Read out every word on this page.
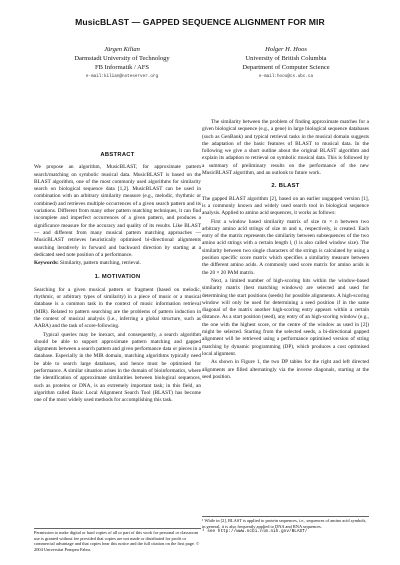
MusicBLAST — GAPPED SEQUENCE ALIGNMENT FOR MIR
Jürgen Kilian
Darmstadt University of Technology
FB Informatik / AFS
e-mail:kilian@noteserver.org
Holger H. Hoos
University of British Columbia
Department of Computer Science
e-mail:hoos@cs.ubc.ca
ABSTRACT

We propose an algorithm, MusicBLAST, for approximate pattern search/matching on symbolic musical data. MusicBLAST is based on the BLAST algorithm, one of the most commonly used algorithms for similarity search on biological sequence data [1,2]. MusicBLAST can be used in combination with an arbitrary similarity measure (e.g., melodic, rhythmic or combined) and retrieves multiple occurrences of a given search pattern and its variations. Different from many other pattern matching techniques, it can find incomplete and imperfect occurrences of a given pattern, and produces a significance measure for the accuracy and quality of its results. Like BLAST — and different from many musical pattern matching approaches — MusicBLAST retrieves heuristically optimised bi-directional alignments searching iteratively in forward and backward direction by starting at a dedicated seed note position of a performance.

Keywords: Similarity, pattern matching, retrieval.

1. MOTIVATION

Searching for a given musical pattern or fragment (based on melodic, rhythmic, or arbitrary types of similarity) in a piece of music or a musical database is a common task in the context of music information retrieval (MIR). Related to pattern searching are the problems of pattern induction in the context of musical analysis (i.e., inferring a global structure, such as AABA) and the task of score-following.

Typical queries may be inexact, and consequently, a search algorithm should be able to support approximate pattern matching and gapped alignments between a search pattern and given performance data or pieces in a database. Especially in the MIR domain, matching algorithms typically need be able to search large databases, and hence must be optimised for performance. A similar situation arises in the domain of bioinformatics, where the identification of approximate similarities between biological sequences, such as proteins or DNA, is an extremely important task; in this field, an algorithm called Basic Local Alignment Search Tool (BLAST) has become one of the most widely used methods for accomplishing this task.

The similarity between the problem of finding approximate matches for a given biological sequence (e.g., a gene) in large biological sequence databases (such as GenBank) and typical retrieval tasks in the musical domain suggests the adaptation of the basic features of BLAST to musical data. In the following we give a short outline about the original BLAST algorithm and explain its adaption to retrieval on symbolic musical data. This is followed by a summary of preliminary results on the performance of the new MusicBLAST algorithm, and an outlook to future work.

2. BLAST

The gapped BLAST algorithm [2], based on an earlier ungapped version [1], is a commonly known and widely used search tool in biological sequence analysis. Applied to amino acid sequences, it works as follows:

First a window based similarity matrix of size m × n between two arbitrary amino acid strings of size m and n, respectively, is created. Each entry of the matrix represents the similarity between subsequences of the two amino acid strings with a certain length l, (l is also called window size). The similarity between two single characters of the strings is calculated by using a position specific score matrix which specifies a similarity measure between the different amino acids. A commonly used score matrix for amino acids is the 20 × 20 PAM matrix.

Next, a limited number of high-scoring hits within the window-based similarity matrix (best matching windows) are selected and used for determining the start positions (seeds) for possible alignments. A high-scoring window will only be used for determining a seed position if in the same diagonal of the matrix another high-scoring entry appears within a certain distance. As a start position (seed), any entry of an high-scoring window (e.g., the one with the highest score, or the centre of the window as used in [2]) might be selected. Starting from the selected seeds, a bi-directional gapped alignment will be retrieved using a performance optimised version of string matching by dynamic programming (DP), which produces a cost optimised local alignment.

As shown in Figure 1, the two DP tables for the right and left directed alignments are filled alternatingly via the inverse diagonals, starting at the seed position.

Permission to make digital or hard copies of all or part of this work for personal or classroom use is granted without fee provided that copies are not made or distributed for profit or commercial advantage and that copies bear this notice and the full citation on the first page. © 2004 Universitat Pompeu Fabra.
¹ While in [2], BLAST is applied to protein sequences, i.e., sequences of amino acid symbols, in general, it is also frequently applied to DNA and RNA sequences.
² see http://www.ncbi.nlm.nih.gov/BLAST/
